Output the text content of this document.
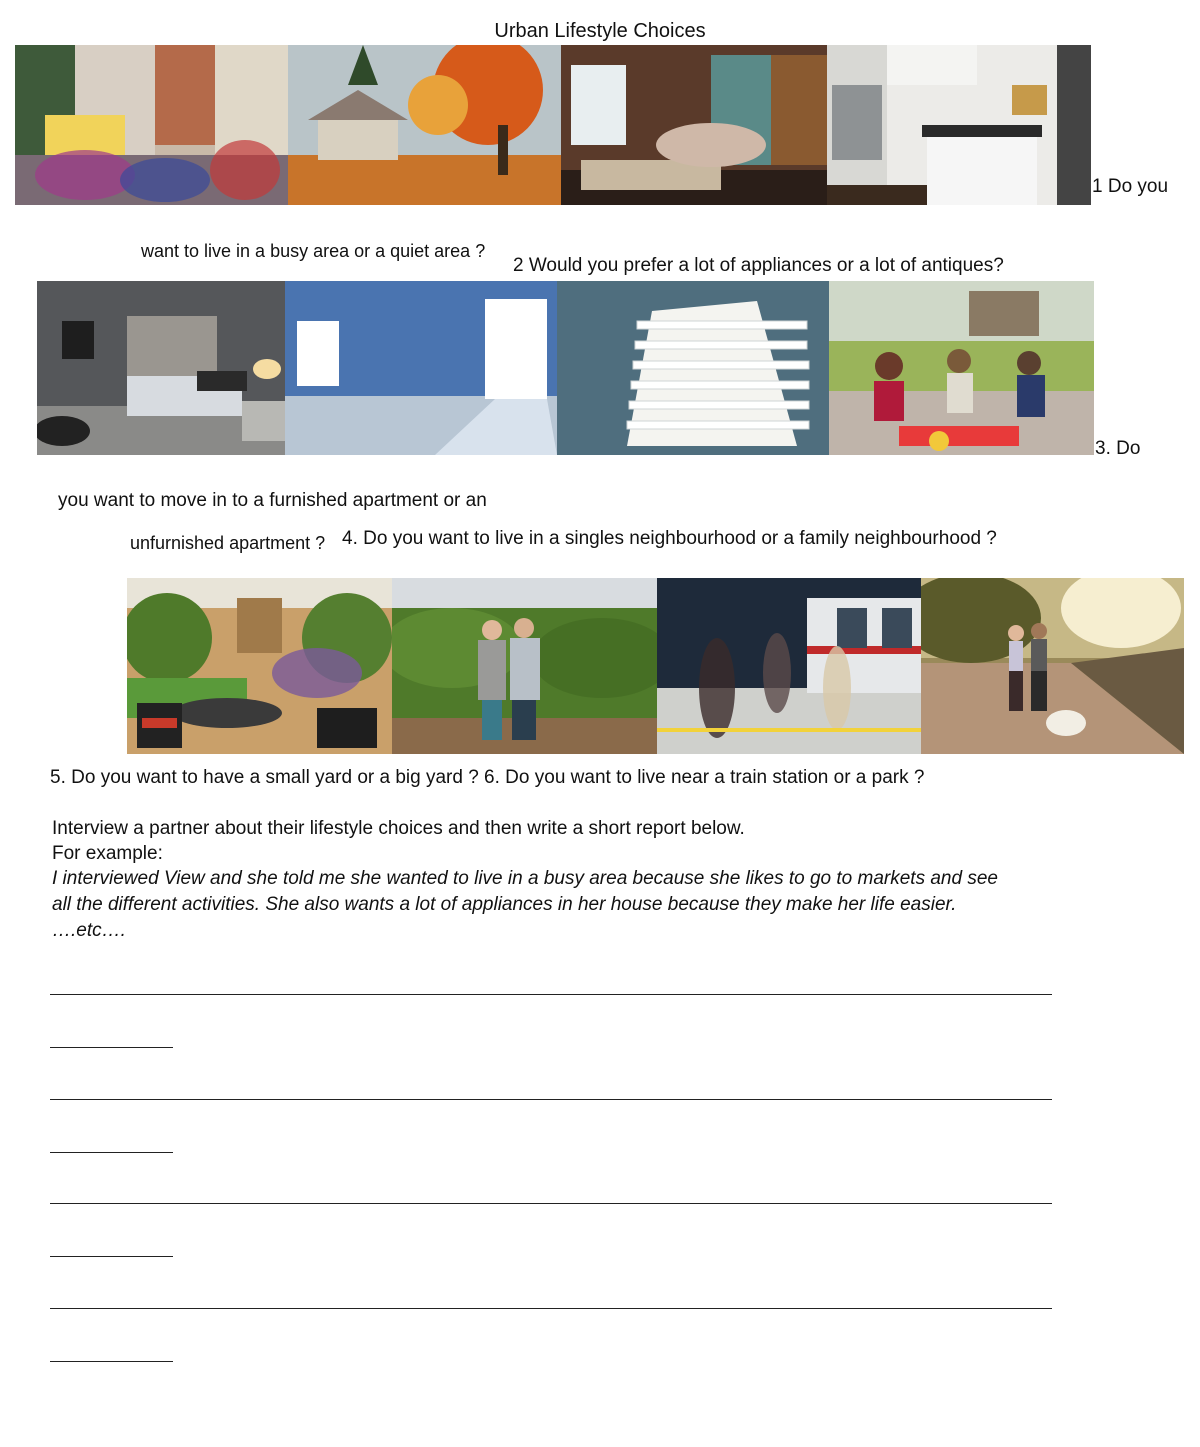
Urban Lifestyle Choices
1 Do you
want to live in a busy area or a quiet area ?
2 Would you prefer a lot of appliances or a lot of antiques?
3. Do
you want to move in to a furnished apartment or an
unfurnished apartment ? 4. Do you want to live in a singles neighbourhood or a family neighbourhood ?
5. Do you want to have a small yard or a big yard ? 6. Do you want to live near a train station or a park ?
Interview a partner about their lifestyle choices and then write a short report below.
For example:
I interviewed View and she told me she wanted to live in a busy area because she likes to go to markets and see
all the different activities. She also wants a lot of appliances in her house because they make her life easier.
….etc….
